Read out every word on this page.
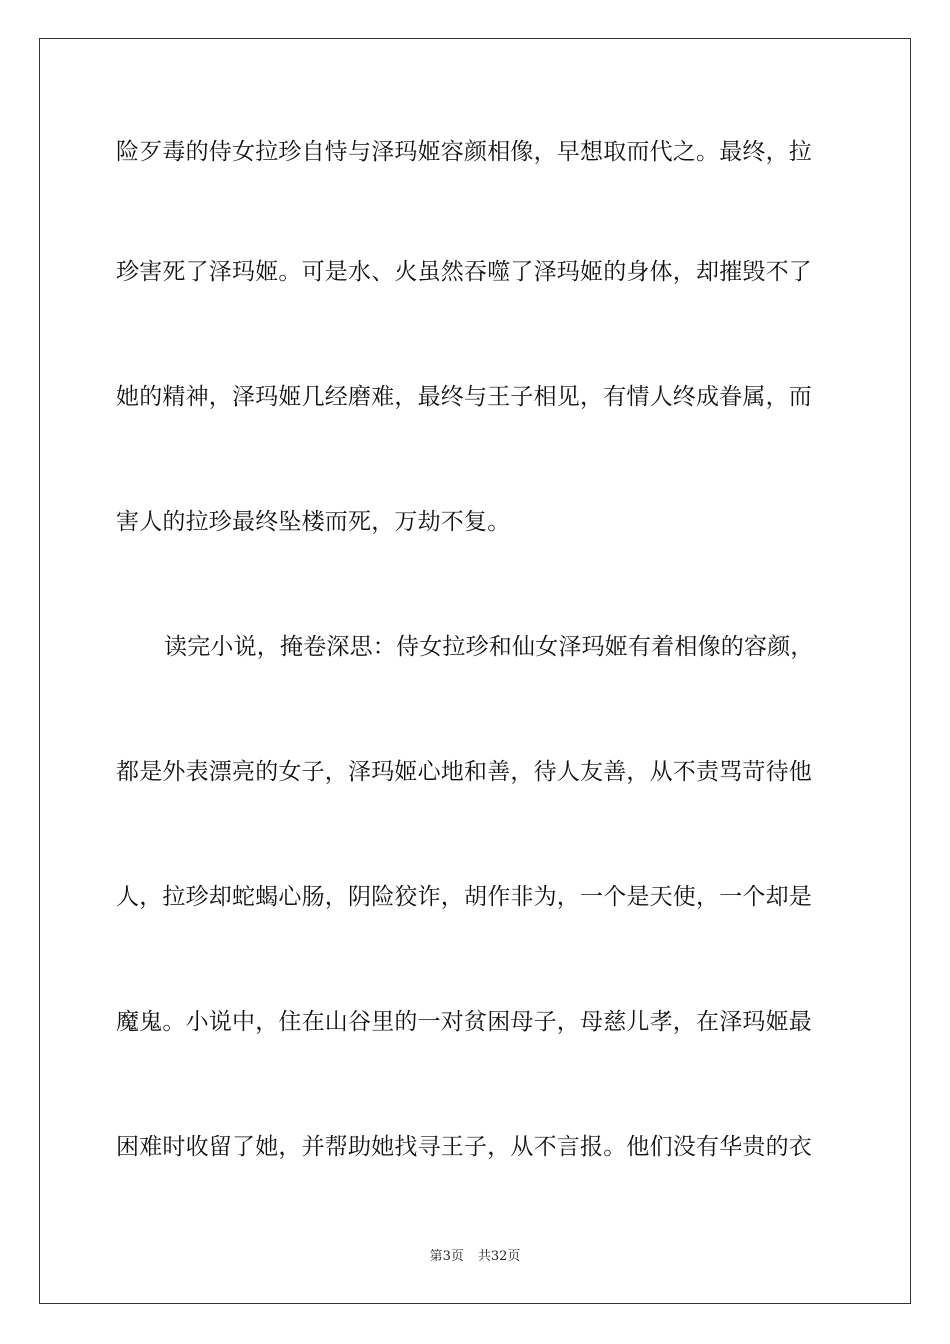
险歹毒的侍女拉珍自恃与泽玛姬容颜相像，早想取而代之。最终，拉
珍害死了泽玛姬。可是水、火虽然吞噬了泽玛姬的身体，却摧毁不了
她的精神，泽玛姬几经磨难，最终与王子相见，有情人终成眷属，而
害人的拉珍最终坠楼而死，万劫不复。
读完小说，掩卷深思：侍女拉珍和仙女泽玛姬有着相像的容颜，
都是外表漂亮的女子，泽玛姬心地和善，待人友善，从不责骂苛待他
人，拉珍却蛇蝎心肠，阴险狡诈，胡作非为，一个是天使，一个却是
魔鬼。小说中，住在山谷里的一对贫困母子，母慈儿孝，在泽玛姬最
困难时收留了她，并帮助她找寻王子，从不言报。他们没有华贵的衣
第3页 共32页
